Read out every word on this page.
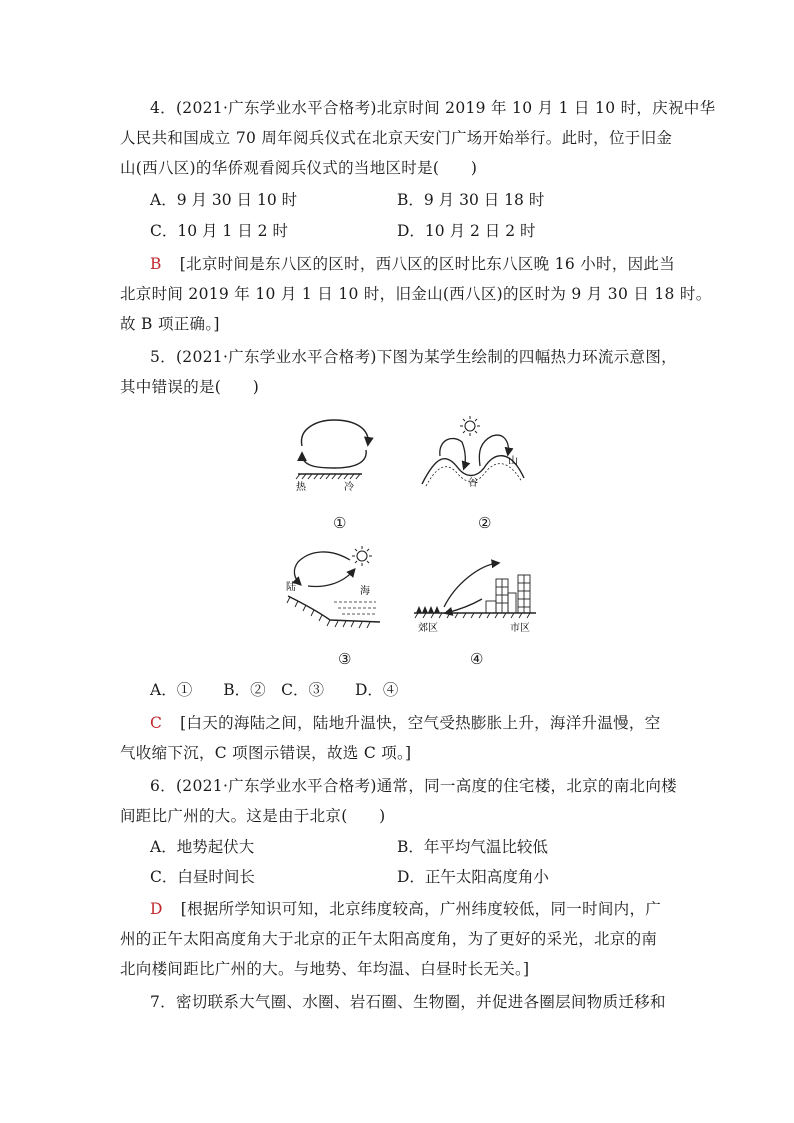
4．(2021·广东学业水平合格考)北京时间 2019 年 10 月 1 日 10 时，庆祝中华
人民共和国成立 70 周年阅兵仪式在北京天安门广场开始举行。此时，位于旧金
山(西八区)的华侨观看阅兵仪式的当地区时是(　　)
A．9 月 30 日 10 时	B．9 月 30 日 18 时
C．10 月 1 日 2 时	D．10 月 2 日 2 时
B [北京时间是东八区的区时，西八区的区时比东八区晚 16 小时，因此当
北京时间 2019 年 10 月 1 日 10 时，旧金山(西八区)的区时为 9 月 30 日 18 时。
故 B 项正确。]
5．(2021·广东学业水平合格考)下图为某学生绘制的四幅热力环流示意图，
其中错误的是(　　)
热	冷
①
山
谷
②
陆	海
③
郊区	市区
④
A．①　　B．②　C．③　　D．④
C [白天的海陆之间，陆地升温快，空气受热膨胀上升，海洋升温慢，空
气收缩下沉，C 项图示错误，故选 C 项。]
6．(2021·广东学业水平合格考)通常，同一高度的住宅楼，北京的南北向楼
间距比广州的大。这是由于北京(　　)
A．地势起伏大	B．年平均气温比较低
C．白昼时间长	D．正午太阳高度角小
D [根据所学知识可知，北京纬度较高，广州纬度较低，同一时间内，广
州的正午太阳高度角大于北京的正午太阳高度角，为了更好的采光，北京的南
北向楼间距比广州的大。与地势、年均温、白昼时长无关。]
7．密切联系大气圈、水圈、岩石圈、生物圈，并促进各圈层间物质迁移和
